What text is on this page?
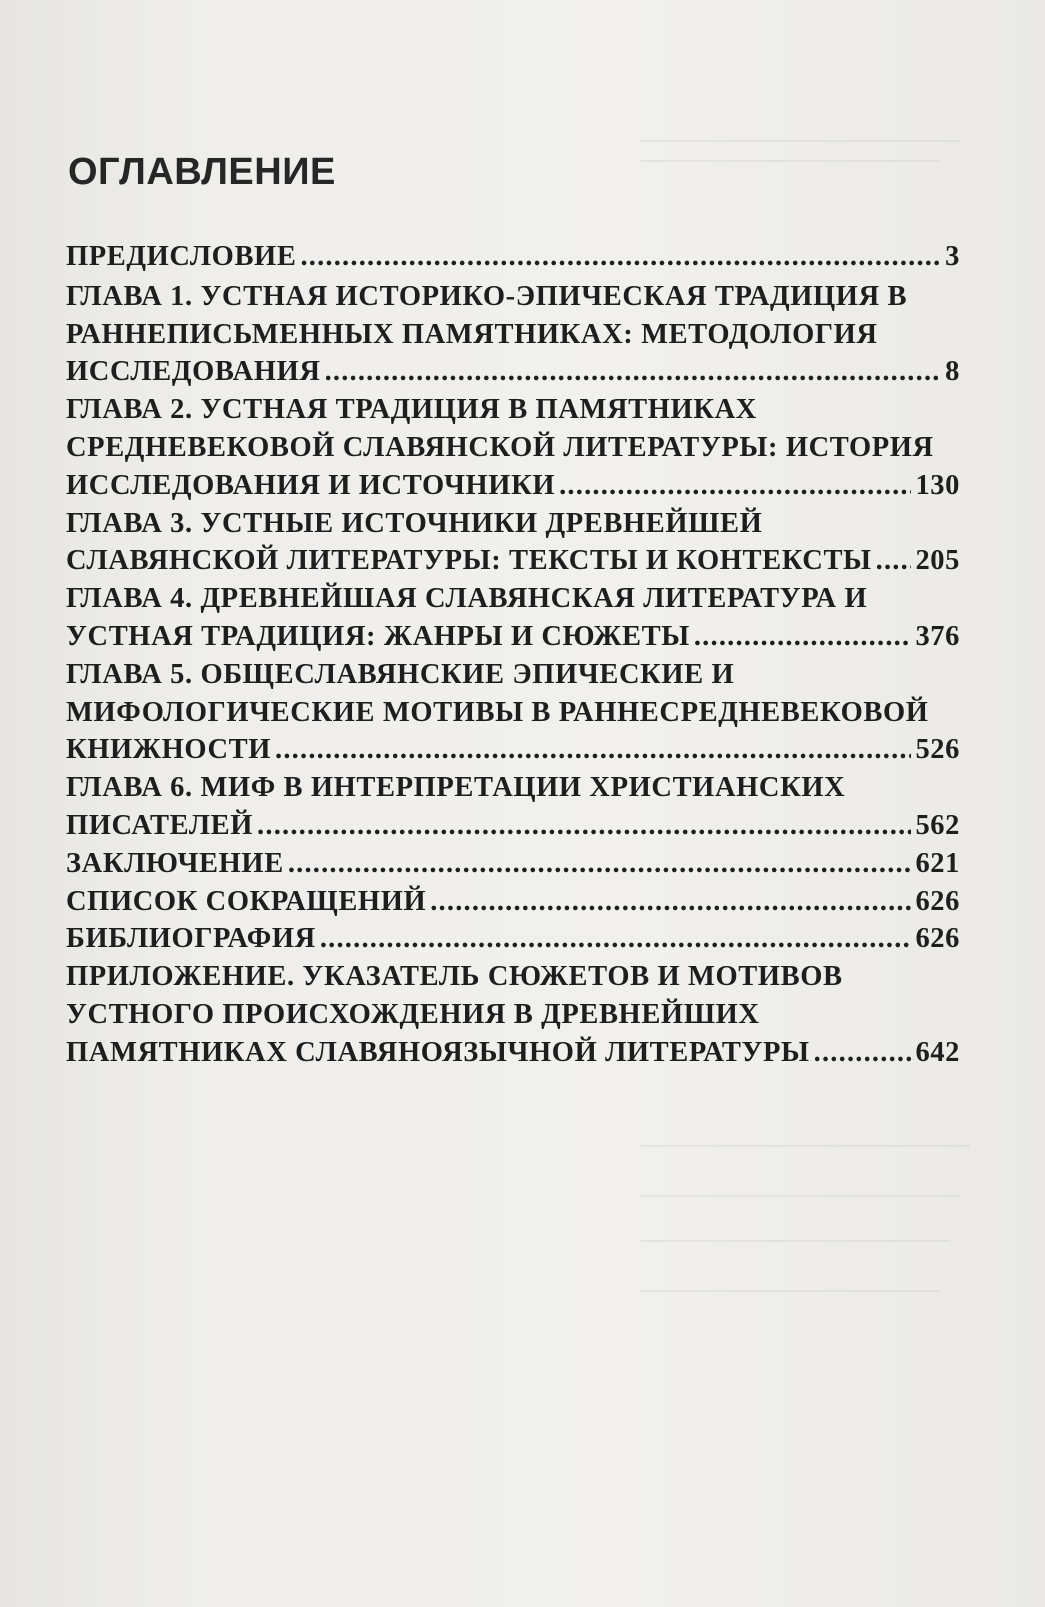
ОГЛАВЛЕНИЕ
ПРЕДИСЛОВИЕ .....	3
ГЛАВА 1. УСТНАЯ ИСТОРИКО-ЭПИЧЕСКАЯ ТРАДИЦИЯ В
РАННЕПИСЬМЕННЫХ ПАМЯТНИКАХ: МЕТОДОЛОГИЯ
ИССЛЕДОВАНИЯ .....	8
ГЛАВА 2. УСТНАЯ ТРАДИЦИЯ В ПАМЯТНИКАХ
СРЕДНЕВЕКОВОЙ СЛАВЯНСКОЙ ЛИТЕРАТУРЫ: ИСТОРИЯ
ИССЛЕДОВАНИЯ И ИСТОЧНИКИ .....	130
ГЛАВА 3. УСТНЫЕ ИСТОЧНИКИ ДРЕВНЕЙШЕЙ
СЛАВЯНСКОЙ ЛИТЕРАТУРЫ: ТЕКСТЫ И КОНТЕКСТЫ ..... 205
ГЛАВА 4. ДРЕВНЕЙШАЯ СЛАВЯНСКАЯ ЛИТЕРАТУРА И
УСТНАЯ ТРАДИЦИЯ: ЖАНРЫ И СЮЖЕТЫ .....	376
ГЛАВА 5. ОБЩЕСЛАВЯНСКИЕ ЭПИЧЕСКИЕ И
МИФОЛОГИЧЕСКИЕ МОТИВЫ В РАННЕСРЕДНЕВЕКОВОЙ
КНИЖНОСТИ .....	526
ГЛАВА 6. МИФ В ИНТЕРПРЕТАЦИИ ХРИСТИАНСКИХ
ПИСАТЕЛЕЙ .....	562
ЗАКЛЮЧЕНИЕ .....	621
СПИСОК СОКРАЩЕНИЙ .....	626
БИБЛИОГРАФИЯ .....	626
ПРИЛОЖЕНИЕ. УКАЗАТЕЛЬ СЮЖЕТОВ И МОТИВОВ
УСТНОГО ПРОИСХОЖДЕНИЯ В ДРЕВНЕЙШИХ
ПАМЯТНИКАХ СЛАВЯНОЯЗЫЧНОЙ ЛИТЕРАТУРЫ .....	642
